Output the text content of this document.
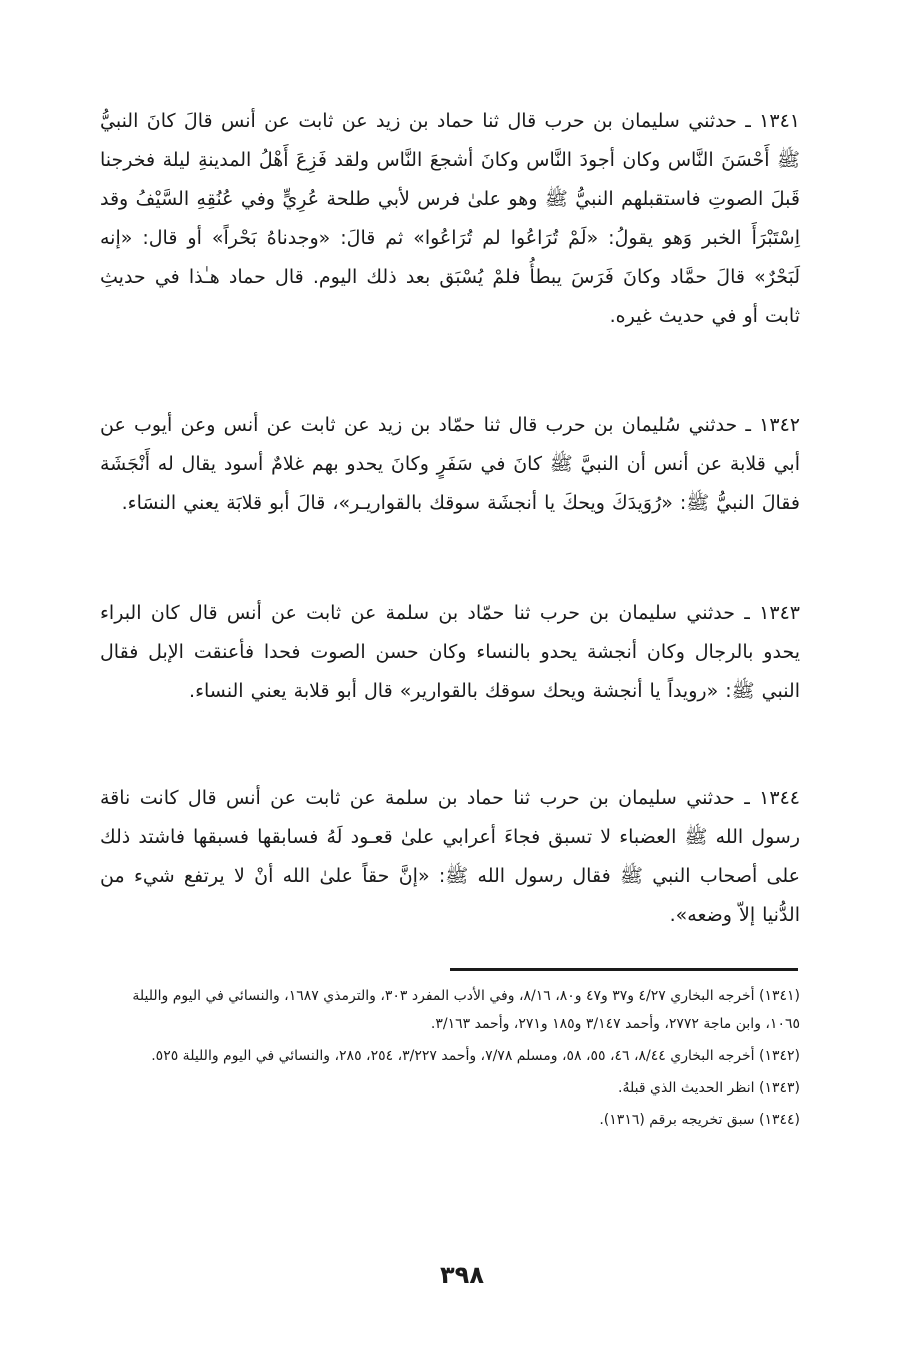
١٣٤١ ـ حدثني سليمان بن حرب قال ثنا حماد بن زيد عن ثابت عن أنس قالَ كانَ النبيُّ ﷺ أَحْسَنَ النَّاس وكان أجودَ النَّاس وكانَ أشجعَ النَّاس ولقد فَزِعَ أَهْلُ المدينةِ ليلة فخرجنا قَبلَ الصوتِ فاستقبلهم النبيُّ ﷺ وهو علىٰ فرس لأبي طلحة عُرِيٍّ وفي عُنُقِهِ السَّيْفُ وقد اِسْتَبْرَأَ الخبر وَهو يقولُ: «لَمْ تُرَاعُوا لم تُرَاعُوا» ثم قالَ: «وجدناهُ بَحْراً» أو قال: «إنه لَبَحْرٌ» قالَ حمَّاد وكانَ فَرَسَ يبطأُ فلمْ يُسْبَق بعد ذلك اليوم. قال حماد هـٰذا في حديثِ ثابت أو في حديث غيره.

١٣٤٢ ـ حدثني سُليمان بن حرب قال ثنا حمّاد بن زيد عن ثابت عن أنس وعن أيوب عن أبي قلابة عن أنس أن النبيَّ ﷺ كانَ في سَفَرٍ وكانَ يحدو بهم غلامٌ أسود يقال له أَنْجَشَة فقالَ النبيُّ ﷺ: «رُوَيدَكَ ويحكَ يا أنجشَة سوقك بالقواريـر»، قالَ أبو قلابَة يعني النسَاء.

١٣٤٣ ـ حدثني سليمان بن حرب ثنا حمّاد بن سلمة عن ثابت عن أنس قال كان البراء يحدو بالرجال وكان أنجشة يحدو بالنساء وكان حسن الصوت فحدا فأعنقت الإبل فقال النبي ﷺ: «رويداً يا أنجشة ويحك سوقك بالقوارير» قال أبو قلابة يعني النساء.

١٣٤٤ ـ حدثني سليمان بن حرب ثنا حماد بن سلمة عن ثابت عن أنس قال كانت ناقة رسول الله ﷺ العضباء لا تسبق فجاءَ أعرابي علىٰ قعـود لَهُ فسابقها فسبقها فاشتد ذلك على أصحاب النبي ﷺ فقال رسول الله ﷺ: «إنَّ حقاً علىٰ الله أنْ لا يرتفع شيء من الدُّنيا إلاّ وضعه».

(١٣٤١) أخرجه البخاري ٤/٢٧ و٣٧ و٤٧ و٨٠، ٨/١٦، وفي الأدب المفرد ٣٠٣، والترمذي ١٦٨٧، والنسائي في اليوم والليلة ١٠٦٥، وابن ماجة ٢٧٧٢، وأحمد ٣/١٤٧ و١٨٥ و٢٧١، وأحمد ٣/١٦٣.
(١٣٤٢) أخرجه البخاري ٨/٤٤، ٤٦، ٥٥، ٥٨، ومسلم ٧/٧٨، وأحمد ٣/٢٢٧، ٢٥٤، ٢٨٥، والنسائي في اليوم والليلة ٥٢٥.
(١٣٤٣) انظر الحديث الذي قبلهُ.
(١٣٤٤) سبق تخريجه برقم (١٣١٦).
٣٩٨
